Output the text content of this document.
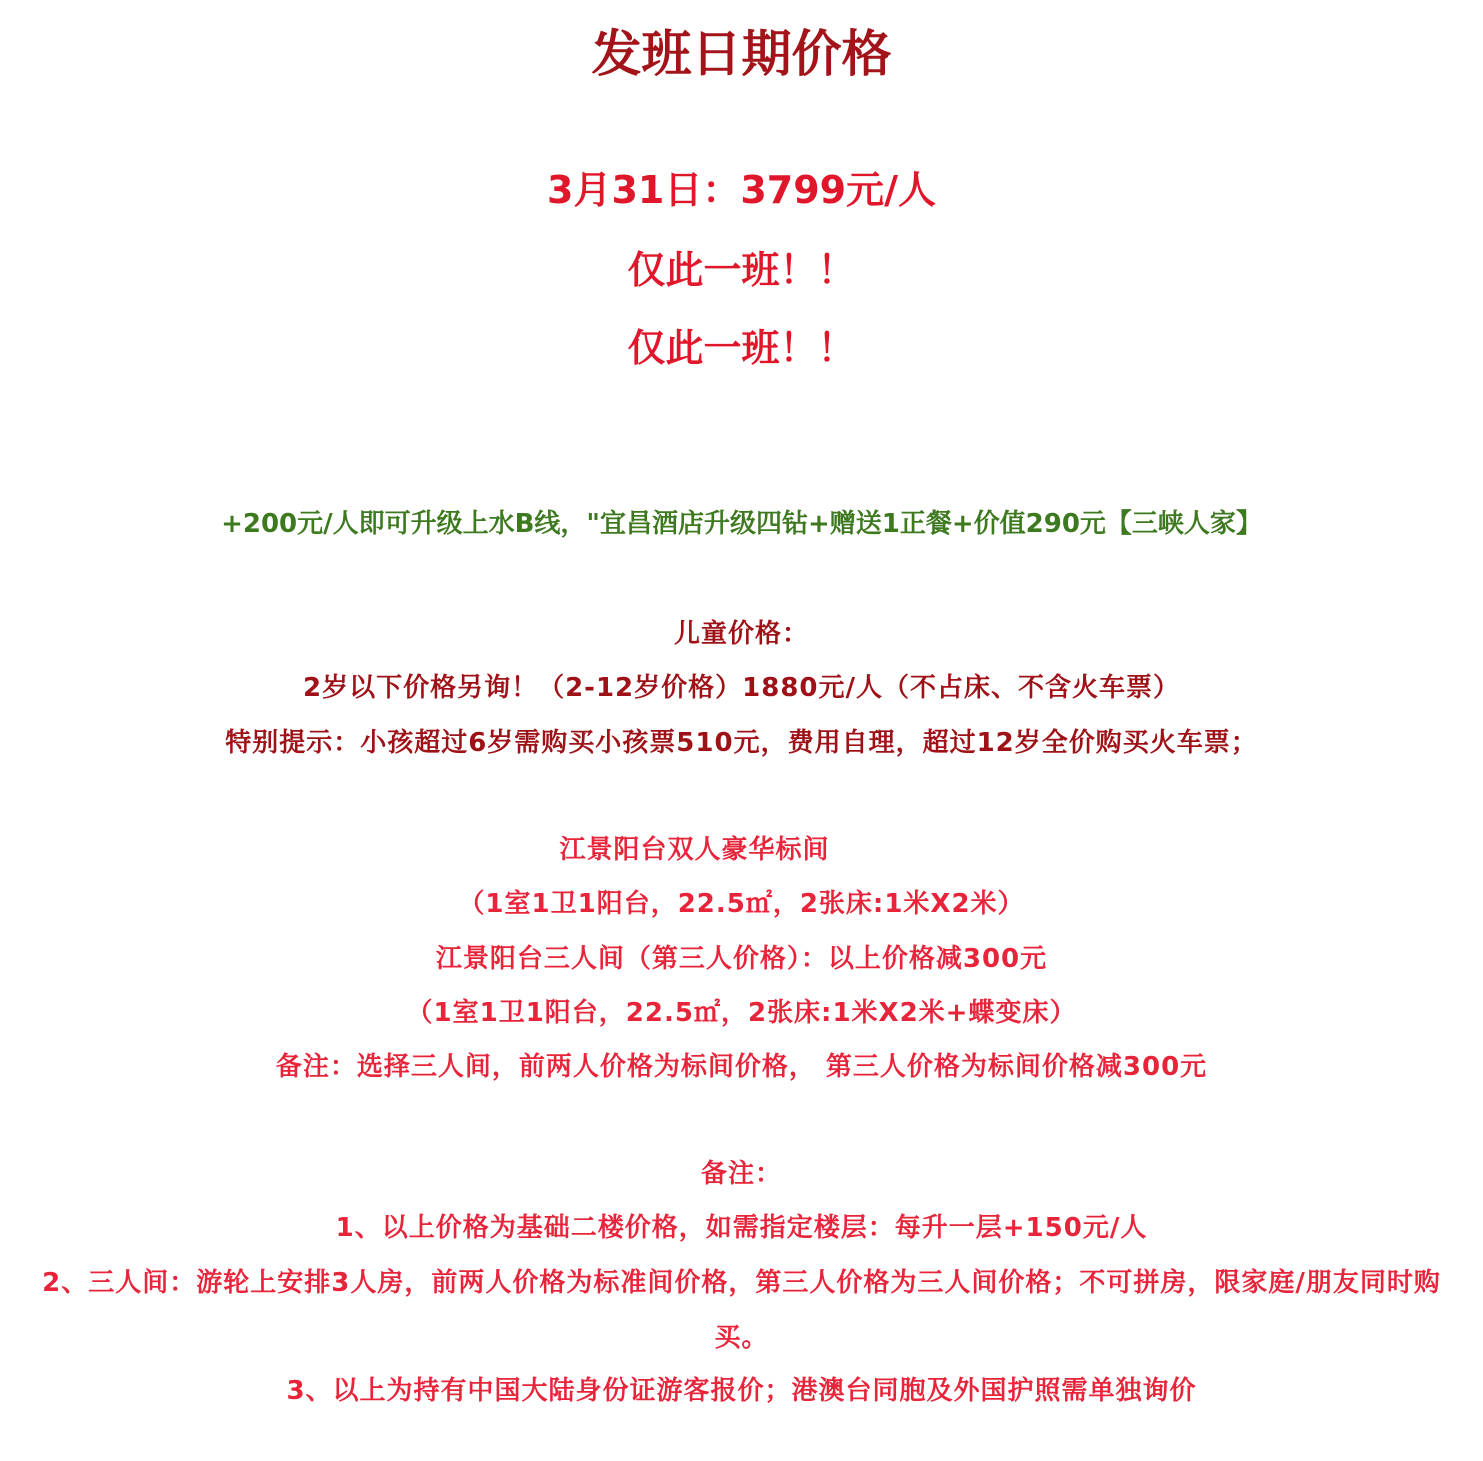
发班日期价格

3月31日：3799元/人

仅此一班！！

仅此一班！！

+200元/人即可升级上水B线，"宜昌酒店升级四钻+赠送1正餐+价值290元【三峡人家】

儿童价格：

2岁以下价格另询！（2-12岁价格）1880元/人（不占床、不含火车票）

特别提示：小孩超过6岁需购买小孩票510元，费用自理，超过12岁全价购买火车票；

江景阳台双人豪华标间

（1室1卫1阳台，22.5㎡，2张床:1米X2米）

江景阳台三人间（第三人价格）：以上价格减300元

（1室1卫1阳台，22.5㎡，2张床:1米X2米+蝶变床）

备注：选择三人间，前两人价格为标间价格， 第三人价格为标间价格减300元

备注：

1、以上价格为基础二楼价格，如需指定楼层：每升一层+150元/人

2、三人间：游轮上安排3人房，前两人价格为标准间价格，第三人价格为三人间价格；不可拼房，限家庭/朋友同时购买。

3、以上为持有中国大陆身份证游客报价；港澳台同胞及外国护照需单独询价
